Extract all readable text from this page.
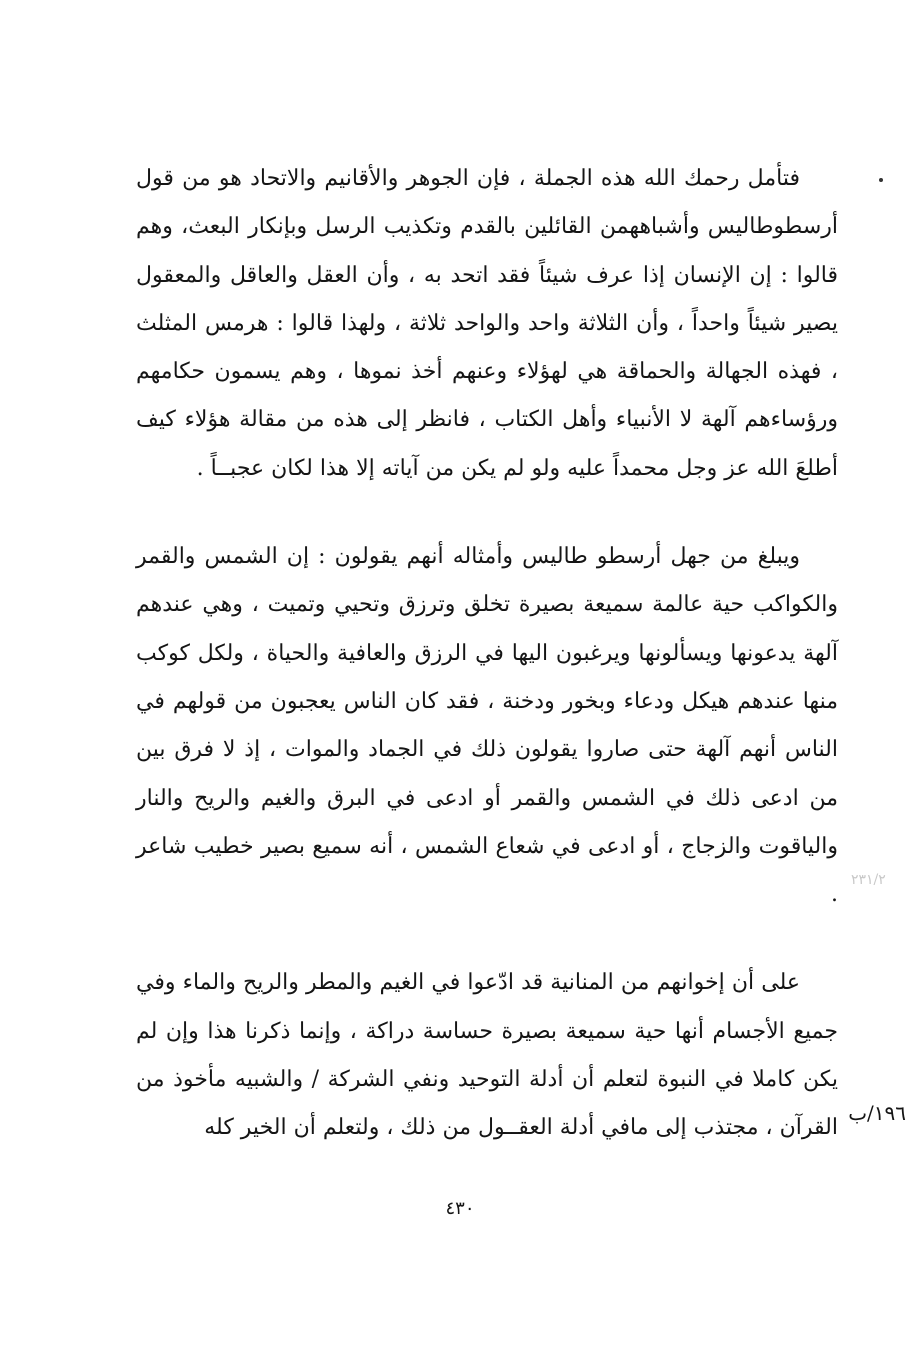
فتأمل رحمك الله هذه الجملة ، فإن الجوهر والأقانيم والاتحاد هو من قول أرسطوطاليس وأشباههمن القائلين بالقدم وتكذيب الرسل وبإنكار البعث، وهم قالوا : إن الإنسان إذا عرف شيئاً فقد اتحد به ، وأن العقل والعاقل والمعقول يصير شيئاً واحداً ، وأن الثلاثة واحد والواحد ثلاثة ، ولهذا قالوا : هرمس المثلث ، فهذه الجهالة والحماقة هي لهؤلاء وعنهم أخذ نموها ، وهم يسمون حكامهم ورؤساءهم آلهة لا الأنبياء وأهل الكتاب ، فانظر إلى هذه من مقالة هؤلاء كيف أطلعَ الله عز وجل محمداً عليه ولو لم يكن من آياته إلا هذا لكان عجبــاً .

ويبلغ من جهل أرسطو طاليس وأمثاله أنهم يقولون : إن الشمس والقمر والكواكب حية عالمة سميعة بصيرة تخلق وترزق وتحيي وتميت ، وهي عندهم آلهة يدعونها ويسألونها ويرغبون اليها في الرزق والعافية والحياة ، ولكل كوكب منها عندهم هيكل ودعاء وبخور ودخنة ، فقد كان الناس يعجبون من قولهم في الناس أنهم آلهة حتى صاروا يقولون ذلك في الجماد والموات ، إذ لا فرق بين من ادعى ذلك في الشمس والقمر أو ادعى في البرق والغيم والريح والنار والياقوت والزجاج ، أو ادعى في شعاع الشمس ، أنه سميع بصير خطيب شاعر .

على أن إخوانهم من المنانية قد ادّعوا في الغيم والمطر والريح والماء وفي جميع الأجسام أنها حية سميعة بصيرة حساسة دراكة ، وإنما ذكرنا هذا وإن لم يكن كاملا في النبوة لتعلم أن أدلة التوحيد ونفي الشركة / والشبيه مأخوذ من القرآن ، مجتذب إلى مافي أدلة العقــول من ذلك ، ولتعلم أن الخير كله

٢٣١/٢
١٩٦/ب
٤٣٠
